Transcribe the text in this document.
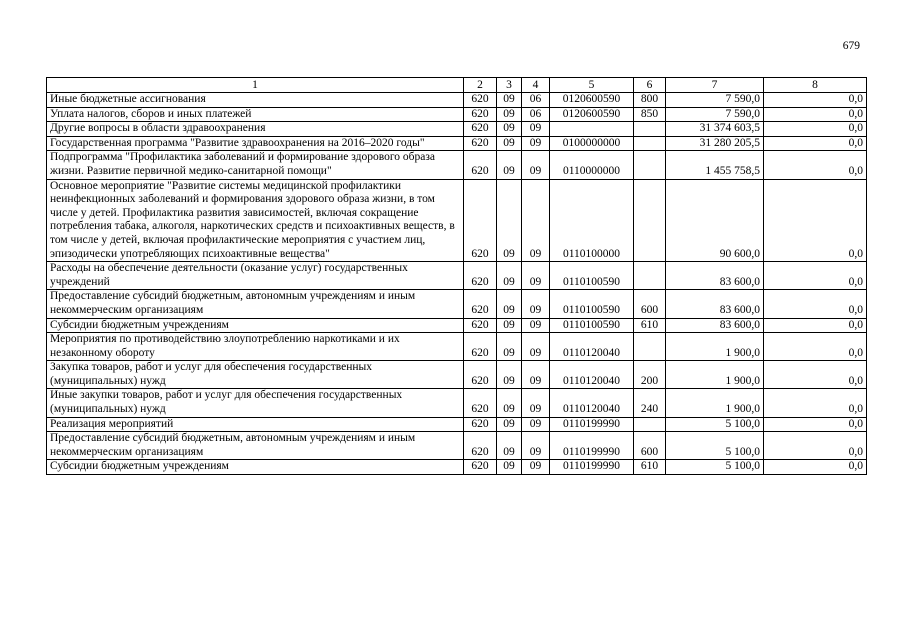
679
1	2	3	4	5	6	7	8
Иные бюджетные ассигнования	620	09	06	0120600590	800	7 590,0	0,0
Уплата налогов, сборов и иных платежей	620	09	06	0120600590	850	7 590,0	0,0
Другие вопросы в области здравоохранения	620	09	09			31 374 603,5	0,0
Государственная программа "Развитие здравоохранения на 2016–2020 годы"	620	09	09	0100000000		31 280 205,5	0,0
Подпрограмма "Профилактика заболеваний и формирование здорового образа жизни. Развитие первичной медико-санитарной помощи"	620	09	09	0110000000		1 455 758,5	0,0
Основное мероприятие "Развитие системы медицинской профилактики неинфекционных заболеваний и формирования здорового образа жизни, в том числе у детей. Профилактика развития зависимостей, включая сокращение потребления табака, алкоголя, наркотических средств и психоактивных веществ, в том числе у детей, включая профилактические мероприятия с участием лиц, эпизодически употребляющих психоактивные вещества"	620	09	09	0110100000		90 600,0	0,0
Расходы на обеспечение деятельности (оказание услуг) государственных учреждений	620	09	09	0110100590		83 600,0	0,0
Предоставление субсидий бюджетным, автономным учреждениям и иным некоммерческим организациям	620	09	09	0110100590	600	83 600,0	0,0
Субсидии бюджетным учреждениям	620	09	09	0110100590	610	83 600,0	0,0
Мероприятия по противодействию злоупотреблению наркотиками и их незаконному обороту	620	09	09	0110120040		1 900,0	0,0
Закупка товаров, работ и услуг для обеспечения государственных (муниципальных) нужд	620	09	09	0110120040	200	1 900,0	0,0
Иные закупки товаров, работ и услуг для обеспечения государственных (муниципальных) нужд	620	09	09	0110120040	240	1 900,0	0,0
Реализация мероприятий	620	09	09	0110199990		5 100,0	0,0
Предоставление субсидий бюджетным, автономным учреждениям и иным некоммерческим организациям	620	09	09	0110199990	600	5 100,0	0,0
Субсидии бюджетным учреждениям	620	09	09	0110199990	610	5 100,0	0,0
